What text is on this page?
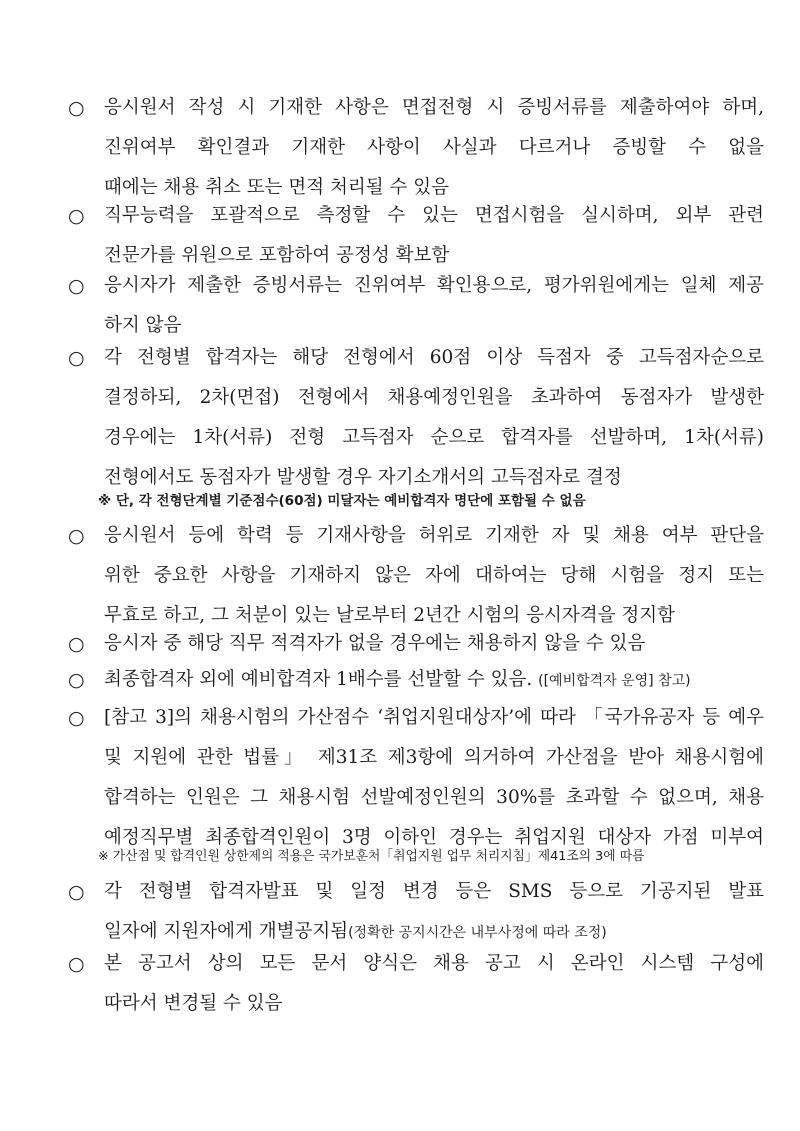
○ 응시원서 작성 시 기재한 사항은 면접전형 시 증빙서류를 제출하여야 하며,
진위여부 확인결과 기재한 사항이 사실과 다르거나 증빙할 수 없을
때에는 채용 취소 또는 면적 처리될 수 있음
○ 직무능력을 포괄적으로 측정할 수 있는 면접시험을 실시하며, 외부 관련
전문가를 위원으로 포함하여 공정성 확보함
○ 응시자가 제출한 증빙서류는 진위여부 확인용으로, 평가위원에게는 일체 제공
하지 않음
○ 각 전형별 합격자는 해당 전형에서 60점 이상 득점자 중 고득점자순으로
결정하되, 2차(면접) 전형에서 채용예정인원을 초과하여 동점자가 발생한
경우에는 1차(서류) 전형 고득점자 순으로 합격자를 선발하며, 1차(서류)
전형에서도 동점자가 발생할 경우 자기소개서의 고득점자로 결정
※ 단, 각 전형단계별 기준점수(60점) 미달자는 예비합격자 명단에 포함될 수 없음
○ 응시원서 등에 학력 등 기재사항을 허위로 기재한 자 및 채용 여부 판단을
위한 중요한 사항을 기재하지 않은 자에 대하여는 당해 시험을 정지 또는
무효로 하고, 그 처분이 있는 날로부터 2년간 시험의 응시자격을 정지함
○ 응시자 중 해당 직무 적격자가 없을 경우에는 채용하지 않을 수 있음
○ 최종합격자 외에 예비합격자 1배수를 선발할 수 있음. ([예비합격자 운영] 참고)
○ [참고 3]의 채용시험의 가산점수 ‘취업지원대상자’에 따라 「국가유공자 등 예우
및 지원에 관한 법률」 제31조 제3항에 의거하여 가산점을 받아 채용시험에
합격하는 인원은 그 채용시험 선발예정인원의 30%를 초과할 수 없으며, 채용
예정직무별 최종합격인원이 3명 이하인 경우는 취업지원 대상자 가점 미부여
※ 가산점 및 합격인원 상한제의 적용은 국가보훈처「취업지원 업무 처리지침」제41조의 3에 따름
○ 각 전형별 합격자발표 및 일정 변경 등은 SMS 등으로 기공지된 발표
일자에 지원자에게 개별공지됨(정확한 공지시간은 내부사정에 따라 조정)
○ 본 공고서 상의 모든 문서 양식은 채용 공고 시 온라인 시스템 구성에
따라서 변경될 수 있음
